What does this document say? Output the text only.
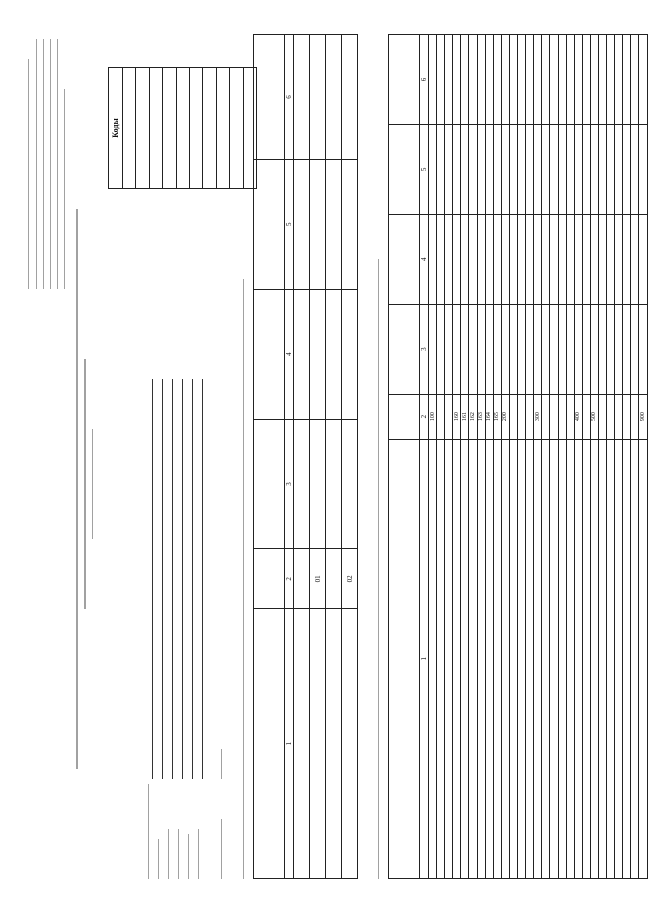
Коды

1	2	3	4	5	6

	01				

	02				

1	2	3	4	5	6
	100				

	160				
	161				
	162				
	163				
	164				
	165				
	200				

	300				

	400				

	500				

	900				
